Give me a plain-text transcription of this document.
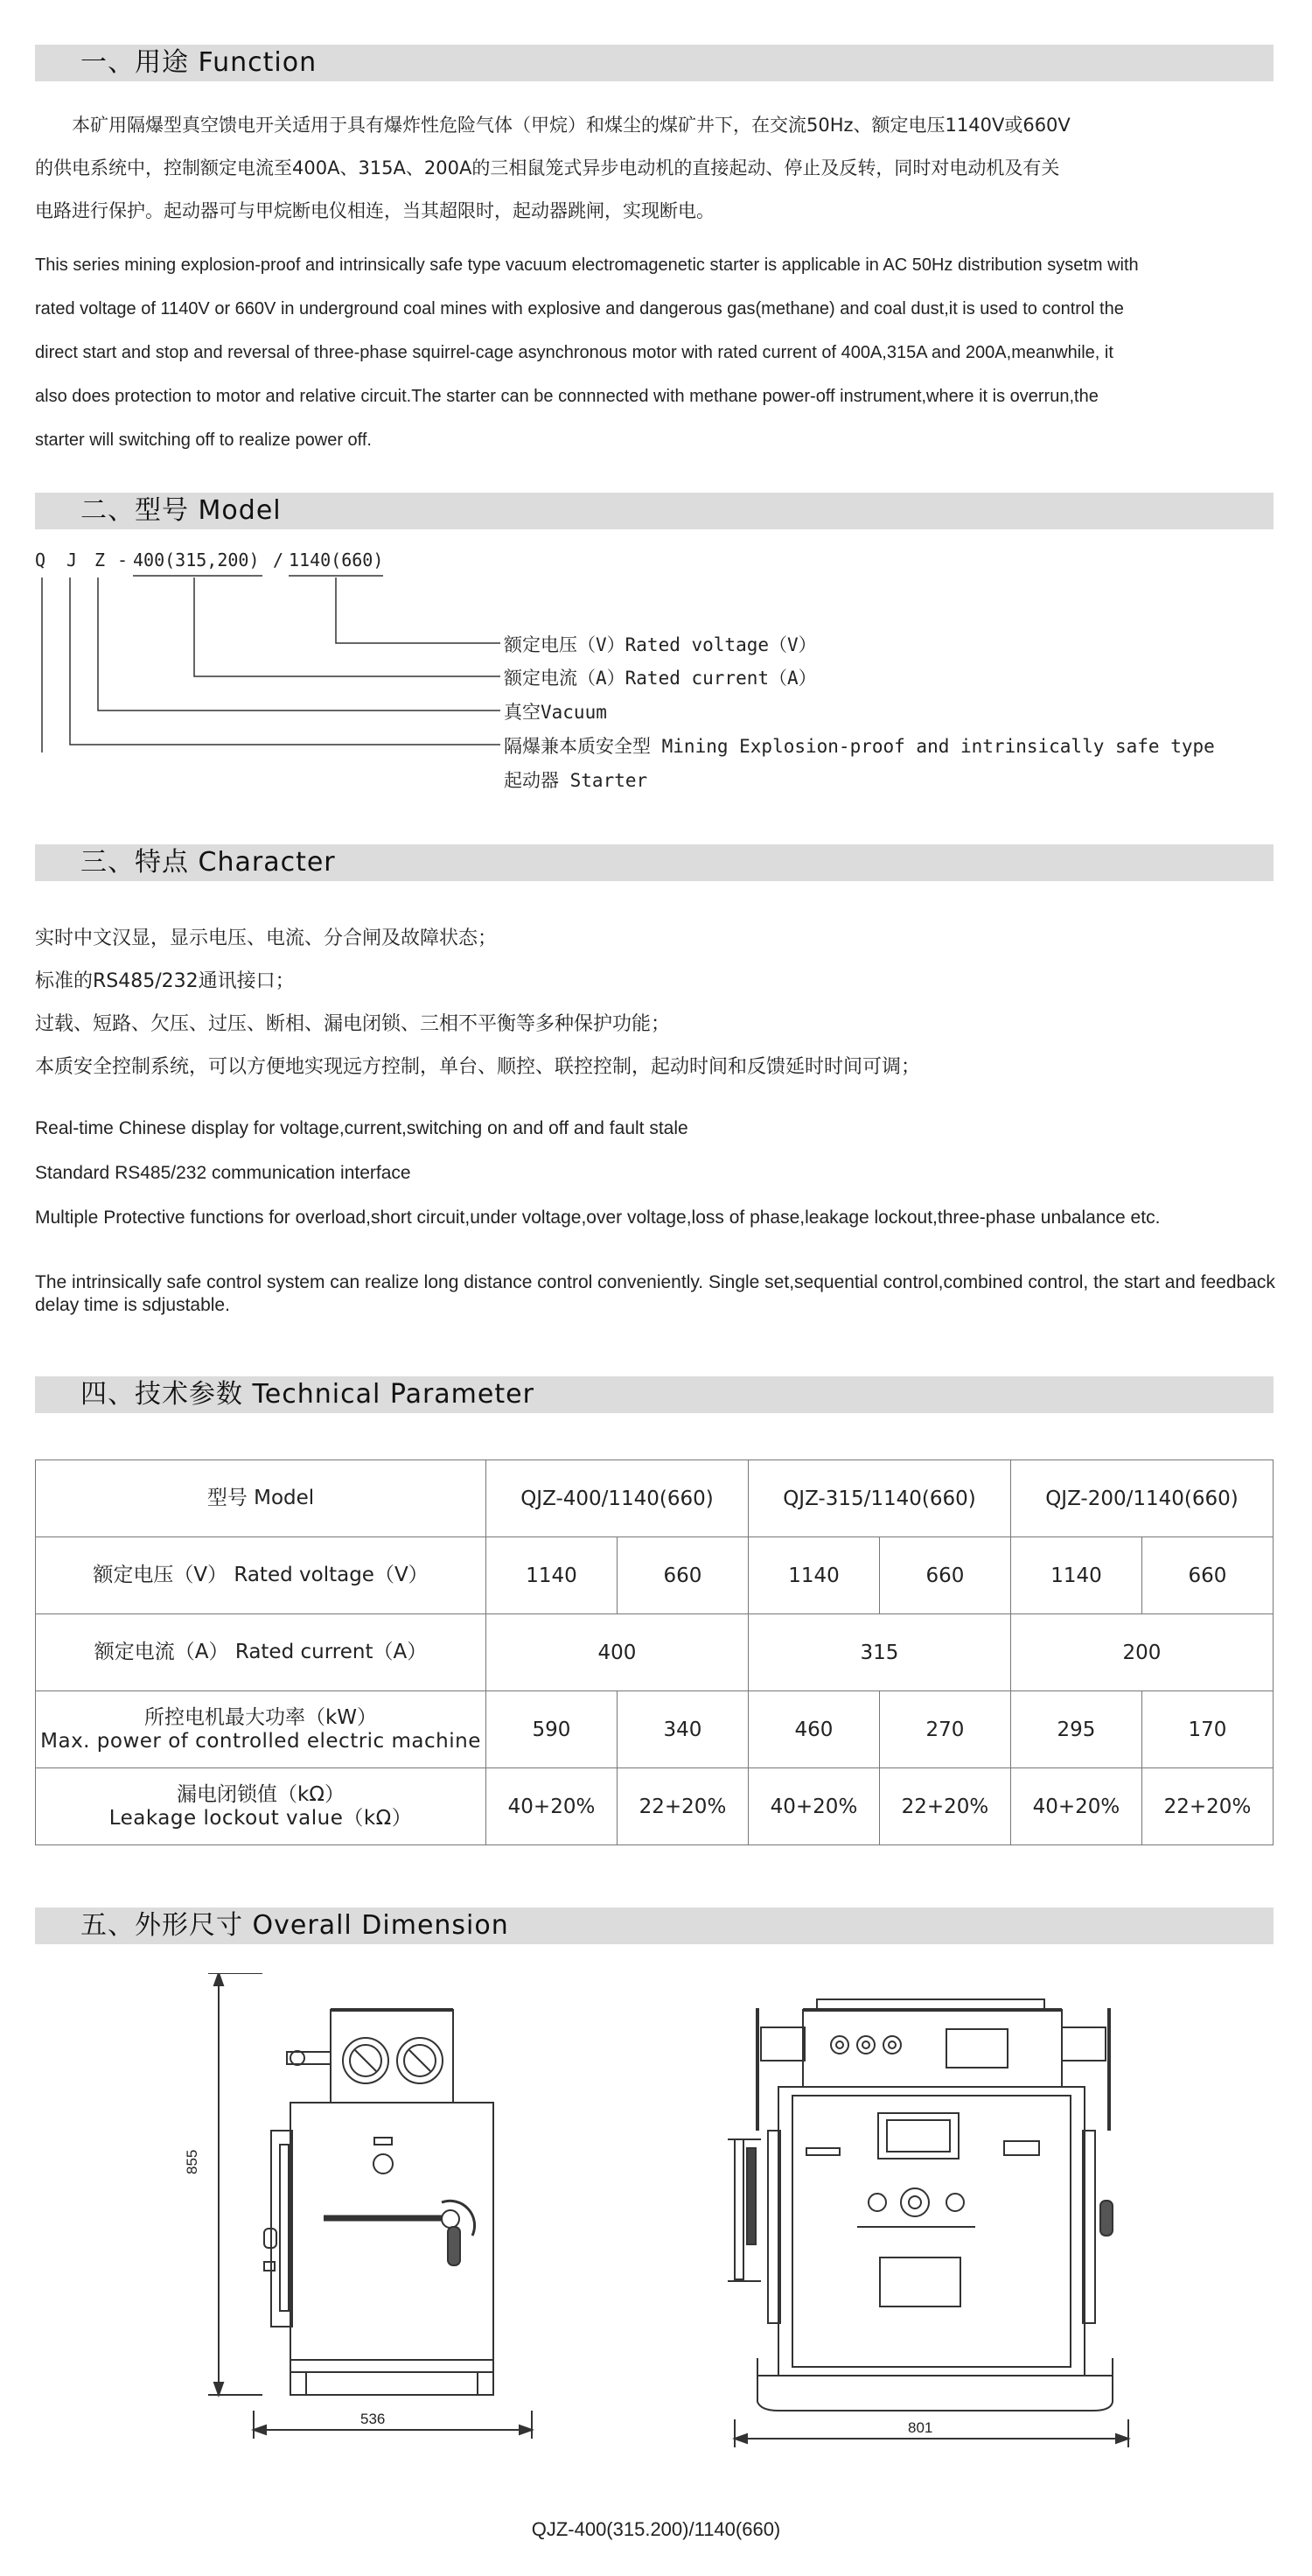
一、用途 Function
　　本矿用隔爆型真空馈电开关适用于具有爆炸性危险气体（甲烷）和煤尘的煤矿井下，在交流50Hz、额定电压1140V或660V
的供电系统中，控制额定电流至400A、315A、200A的三相鼠笼式异步电动机的直接起动、停止及反转，同时对电动机及有关
电路进行保护。起动器可与甲烷断电仪相连，当其超限时，起动器跳闸，实现断电。
This series mining explosion-proof and intrinsically safe type vacuum electromagenetic starter is applicable in AC 50Hz distribution sysetm with
rated voltage of 1140V or 660V in underground coal mines with explosive and dangerous gas(methane) and coal dust,it is used to control the
direct start and stop and reversal of three-phase squirrel-cage asynchronous motor with rated current of 400A,315A and 200A,meanwhile, it
also does protection to motor and relative circuit.The starter can be connnected with methane power-off instrument,where it is overrun,the
starter will switching off to realize power off.
二、型号 Model
Q J Z - 400(315,200) / 1140(660)
额定电压（V）Rated voltage（V）
额定电流（A）Rated current（A）
真空Vacuum
隔爆兼本质安全型 Mining Explosion-proof and intrinsically safe type
起动器 Starter
三、特点 Character
实时中文汉显，显示电压、电流、分合闸及故障状态；
标准的RS485/232通讯接口；
过载、短路、欠压、过压、断相、漏电闭锁、三相不平衡等多种保护功能；
本质安全控制系统，可以方便地实现远方控制，单台、顺控、联控控制，起动时间和反馈延时时间可调；
Real-time Chinese display for voltage,current,switching on and off and fault stale
Standard RS485/232 communication interface
Multiple Protective functions for overload,short circuit,under voltage,over voltage,loss of phase,leakage lockout,three-phase unbalance etc.
The intrinsically safe control system can realize long distance control conveniently. Single set,sequential control,combined control, the start and feedback delay time is sdjustable.
四、技术参数 Technical Parameter
型号 Model	QJZ-400/1140(660)		QJZ-315/1140(660)		QJZ-200/1140(660)	
额定电压（V） Rated voltage（V）	1140	660	1140	660	1140	660
额定电流（A） Rated current（A）	400		315		200	

所控电机最大功率（kW）
Max. power of controlled electric machine	590	340	460	270	295	170

漏电闭锁值（kΩ）
Leakage lockout value（kΩ）	40+20%	22+20%	40+20%	22+20%	40+20%	22+20%
五、外形尺寸 Overall Dimension
855
536
801
QJZ-400(315.200)/1140(660)
